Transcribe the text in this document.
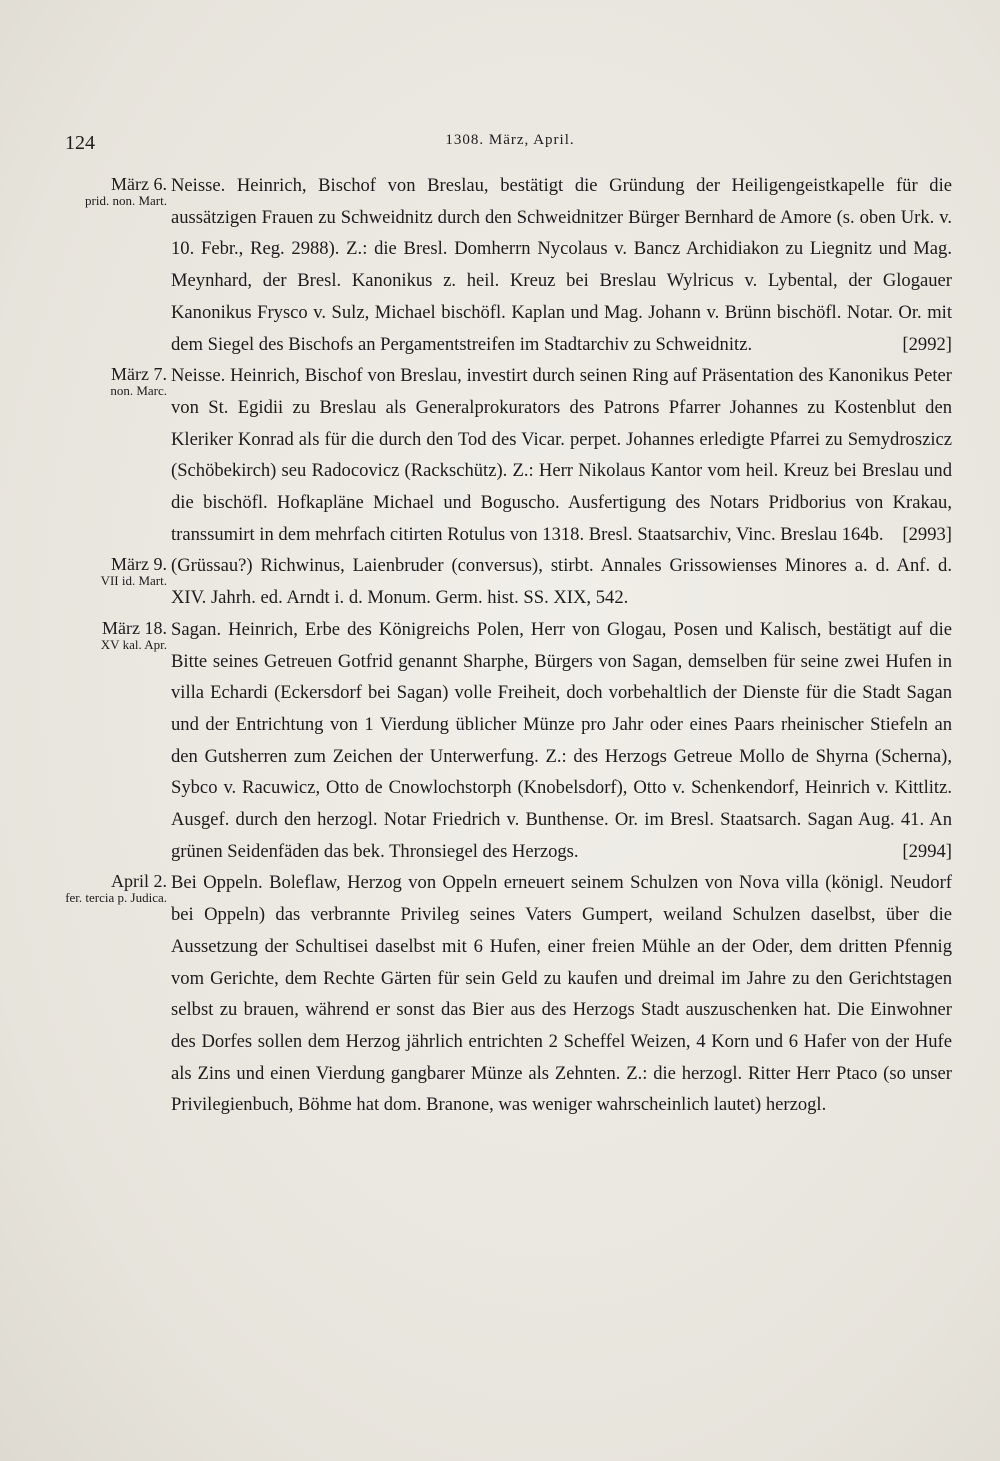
124	1308. März, April.
März 6.
prid. non. Mart.

Neisse. Heinrich, Bischof von Breslau, bestätigt die Gründung der Heiligengeistkapelle für die aussätzigen Frauen zu Schweidnitz durch den Schweidnitzer Bürger Bernhard de Amore (s. oben Urk. v. 10. Febr., Reg. 2988). Z.: die Bresl. Domherrn Nycolaus v. Bancz Archidiakon zu Liegnitz und Mag. Meynhard, der Bresl. Kanonikus z. heil. Kreuz bei Breslau Wylricus v. Lybental, der Glogauer Kanonikus Frysco v. Sulz, Michael bischöfl. Kaplan und Mag. Johann v. Brünn bischöfl. Notar. Or. mit dem Siegel des Bischofs an Pergamentstreifen im Stadtarchiv zu Schweidnitz.	[2992]

März 7.
non. Marc.

Neisse. Heinrich, Bischof von Breslau, investirt durch seinen Ring auf Präsentation des Kanonikus Peter von St. Egidii zu Breslau als Generalprokurators des Patrons Pfarrer Johannes zu Kostenblut den Kleriker Konrad als für die durch den Tod des Vicar. perpet. Johannes erledigte Pfarrei zu Semydroszicz (Schöbekirch) seu Radocovicz (Rackschütz). Z.: Herr Nikolaus Kantor vom heil. Kreuz bei Breslau und die bischöfl. Hofkapläne Michael und Boguscho. Ausfertigung des Notars Pridborius von Krakau, transsumirt in dem mehrfach citirten Rotulus von 1318. Bresl. Staatsarchiv, Vinc. Breslau 164b. [2993]

März 9.
VII id. Mart.

(Grüssau?) Richwinus, Laienbruder (conversus), stirbt. Annales Grissowienses Minores a. d. Anf. d. XIV. Jahrh. ed. Arndt i. d. Monum. Germ. hist. SS. XIX, 542.

März 18.
XV kal. Apr.

Sagan. Heinrich, Erbe des Königreichs Polen, Herr von Glogau, Posen und Kalisch, bestätigt auf die Bitte seines Getreuen Gotfrid genannt Sharphe, Bürgers von Sagan, demselben für seine zwei Hufen in villa Echardi (Eckersdorf bei Sagan) volle Freiheit, doch vorbehaltlich der Dienste für die Stadt Sagan und der Entrichtung von 1 Vierdung üblicher Münze pro Jahr oder eines Paars rheinischer Stiefeln an den Gutsherren zum Zeichen der Unterwerfung. Z.: des Herzogs Getreue Mollo de Shyrna (Scherna), Sybco v. Racuwicz, Otto de Cnowlochstorph (Knobelsdorf), Otto v. Schenkendorf, Heinrich v. Kittlitz. Ausgef. durch den herzogl. Notar Friedrich v. Bunthense. Or. im Bresl. Staatsarch. Sagan Aug. 41. An grünen Seidenfäden das bek. Thronsiegel des Herzogs.	[2994]

April 2.
fer. tercia p. Judica.

Bei Oppeln. Boleflaw, Herzog von Oppeln erneuert seinem Schulzen von Nova villa (königl. Neudorf bei Oppeln) das verbrannte Privileg seines Vaters Gumpert, weiland Schulzen daselbst, über die Aussetzung der Schultisei daselbst mit 6 Hufen, einer freien Mühle an der Oder, dem dritten Pfennig vom Gerichte, dem Rechte Gärten für sein Geld zu kaufen und dreimal im Jahre zu den Gerichtstagen selbst zu brauen, während er sonst das Bier aus des Herzogs Stadt auszuschenken hat. Die Einwohner des Dorfes sollen dem Herzog jährlich entrichten 2 Scheffel Weizen, 4 Korn und 6 Hafer von der Hufe als Zins und einen Vierdung gangbarer Münze als Zehnten. Z.: die herzogl. Ritter Herr Ptaco (so unser Privilegienbuch, Böhme hat dom. Branone, was weniger wahrscheinlich lautet) herzogl.
